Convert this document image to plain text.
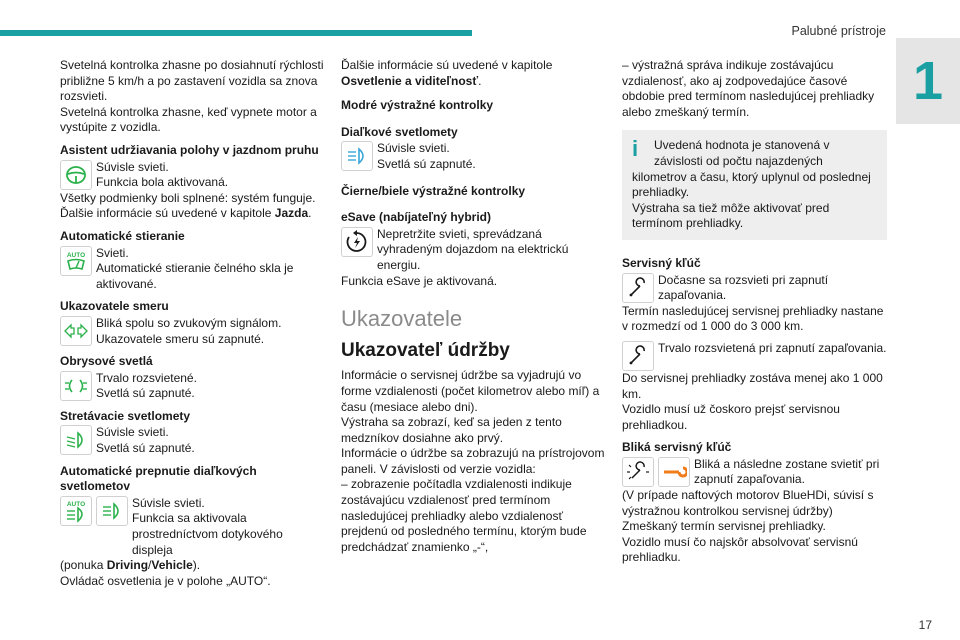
Palubné prístroje
1
17

Svetelná kontrolka zhasne po dosiahnutí rýchlosti približne 5 km/h a po zastavení vozidla sa znova rozsvieti.

Svetelná kontrolka zhasne, keď vypnete motor a vystúpite z vozidla.

Asistent udržiavania polohy v jazdnom pruhu

Súvisle svieti.

Funkcia bola aktivovaná.

Všetky podmienky boli splnené: systém funguje.

Ďalšie informácie sú uvedené v kapitole Jazda.

Automatické stieranie

AUTO Svieti.

Automatické stieranie čelného skla je aktivované.

Ukazovatele smeru

Bliká spolu so zvukovým signálom.

Ukazovatele smeru sú zapnuté.

Obrysové svetlá

Trvalo rozsvietené.

Svetlá sú zapnuté.

Stretávacie svetlomety

Súvisle svieti.

Svetlá sú zapnuté.

Automatické prepnutie diaľkových svetlometov

AUTO	Súvisle svieti.

Funkcia sa aktivovala prostredníctvom dotykového displeja

(ponuka Driving/Vehicle).

Ovládač osvetlenia je v polohe „AUTO“.

Ďalšie informácie sú uvedené v kapitole Osvetlenie a viditeľnosť.

Modré výstražné kontrolky

Diaľkové svetlomety

Súvisle svieti.

Svetlá sú zapnuté.

Čierne/biele výstražné kontrolky

eSave (nabíjateľný hybrid)

Nepretržite svieti, sprevádzaná vyhradeným dojazdom na elektrickú energiu.

Funkcia eSave je aktivovaná.

Ukazovatele

Ukazovateľ údržby

Informácie o servisnej údržbe sa vyjadrujú vo forme vzdialenosti (počet kilometrov alebo míľ) a času (mesiace alebo dni).

Výstraha sa zobrazí, keď sa jeden z tento medzníkov dosiahne ako prvý.

Informácie o údržbe sa zobrazujú na prístrojovom paneli. V závislosti od verzie vozidla:

– zobrazenie počítadla vzdialenosti indikuje zostávajúcu vzdialenosť pred termínom nasledujúcej prehliadky alebo vzdialenosť prejdenú od posledného termínu, ktorým bude predchádzať znamienko „-“,

– výstražná správa indikuje zostávajúcu vzdialenosť, ako aj zodpovedajúce časové obdobie pred termínom nasledujúcej prehliadky alebo zmeškaný termín.

i	Uvedená hodnota je stanovená v závislosti od počtu najazdených kilometrov a času, ktorý uplynul od poslednej prehliadky.

Výstraha sa tiež môže aktivovať pred termínom prehliadky.

Servisný kľúč

Dočasne sa rozsvieti pri zapnutí zapaľovania.

Termín nasledujúcej servisnej prehliadky nastane v rozmedzí od 1 000 do 3 000 km.

Trvalo rozsvietená pri zapnutí zapaľovania.

Do servisnej prehliadky zostáva menej ako 1 000 km.

Vozidlo musí už čoskoro prejsť servisnou prehliadkou.

Bliká servisný kľúč

Bliká a následne zostane svietiť pri zapnutí zapaľovania.

(V prípade naftových motorov BlueHDi, súvisí s výstražnou kontrolkou servisnej údržby)

Zmeškaný termín servisnej prehliadky.

Vozidlo musí čo najskôr absolvovať servisnú prehliadku.
